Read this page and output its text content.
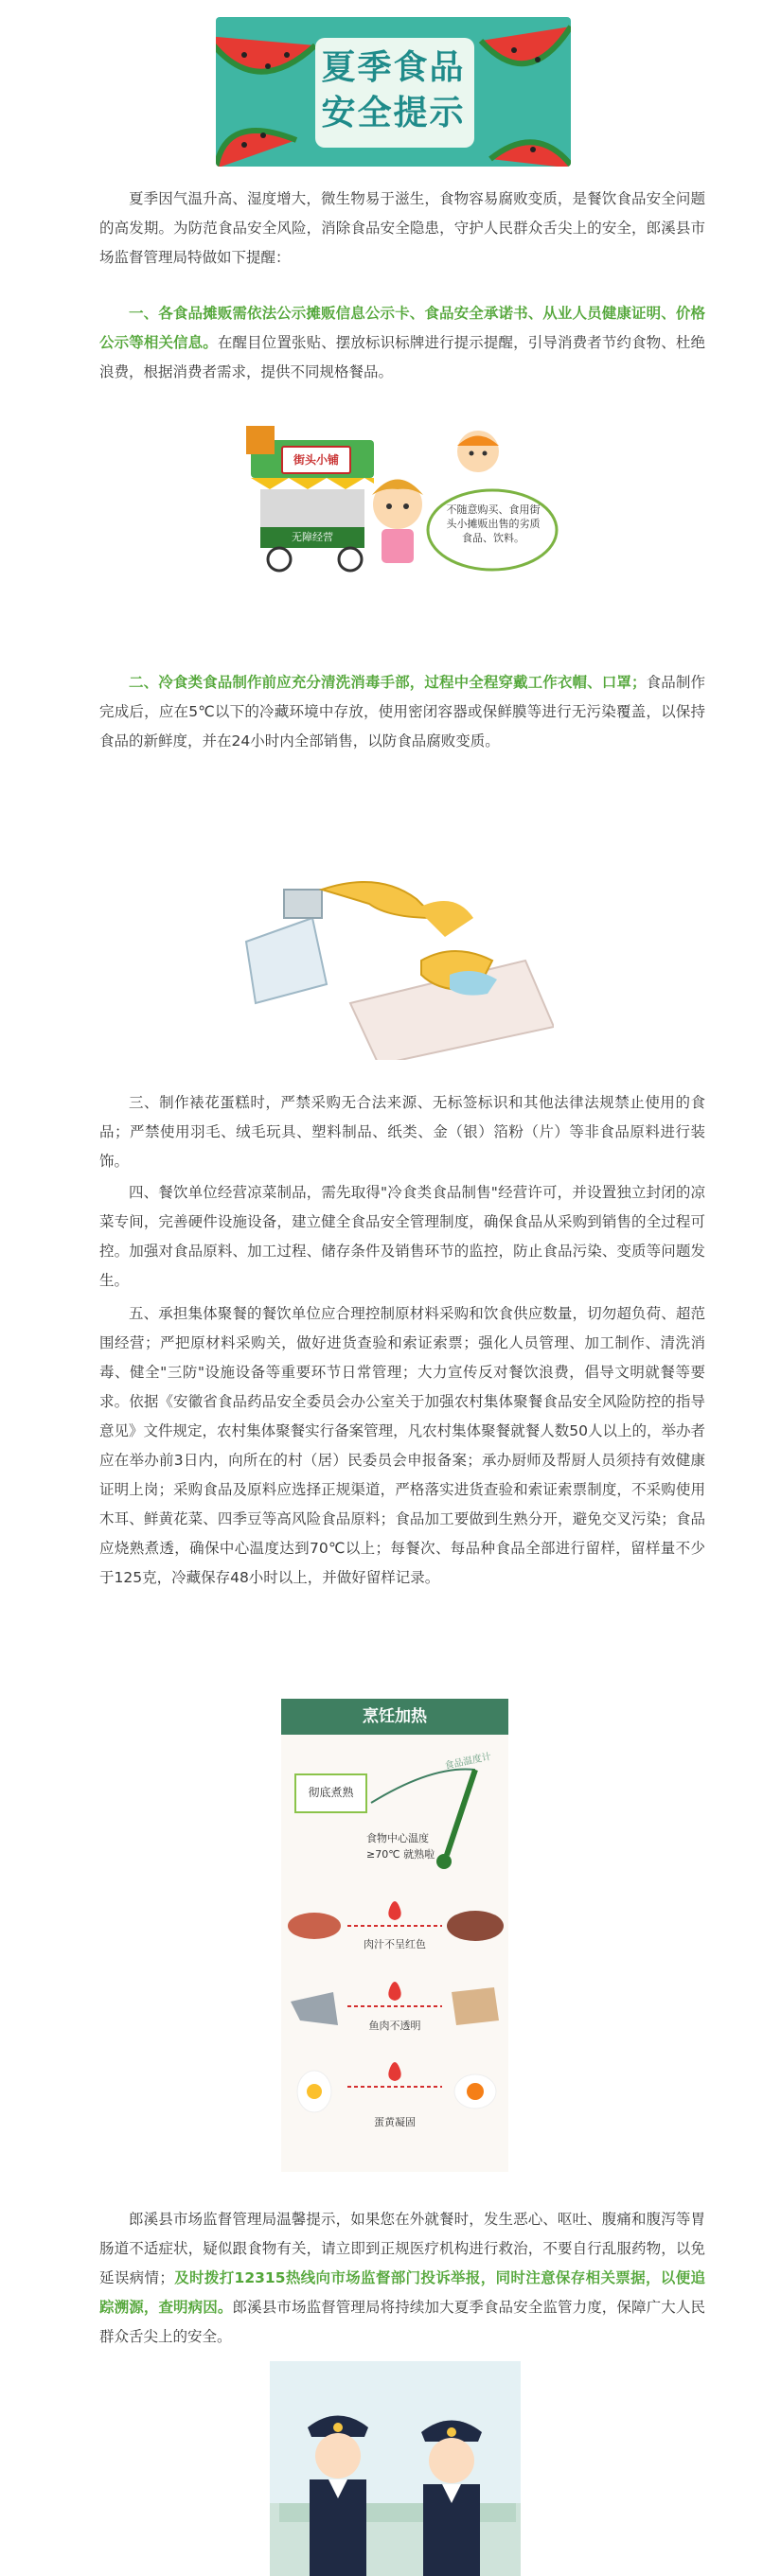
夏季食品
安全提示

夏季因气温升高、湿度增大，微生物易于滋生，食物容易腐败变质，是餐饮食品安全问题的高发期。为防范食品安全风险，消除食品安全隐患，守护人民群众舌尖上的安全，郎溪县市场监督管理局特做如下提醒：

一、各食品摊贩需依法公示摊贩信息公示卡、食品安全承诺书、从业人员健康证明、价格公示等相关信息。在醒目位置张贴、摆放标识标牌进行提示提醒，引导消费者节约食物、杜绝浪费，根据消费者需求，提供不同规格餐品。

街头小铺
无障经营
不随意购买、食用街头小摊贩出售的劣质食品、饮料。

二、冷食类食品制作前应充分清洗消毒手部，过程中全程穿戴工作衣帽、口罩；食品制作完成后，应在5℃以下的冷藏环境中存放，使用密闭容器或保鲜膜等进行无污染覆盖，以保持食品的新鲜度，并在24小时内全部销售，以防食品腐败变质。

三、制作裱花蛋糕时，严禁采购无合法来源、无标签标识和其他法律法规禁止使用的食品；严禁使用羽毛、绒毛玩具、塑料制品、纸类、金（银）箔粉（片）等非食品原料进行装饰。

四、餐饮单位经营凉菜制品，需先取得"冷食类食品制售"经营许可，并设置独立封闭的凉菜专间，完善硬件设施设备，建立健全食品安全管理制度，确保食品从采购到销售的全过程可控。加强对食品原料、加工过程、储存条件及销售环节的监控，防止食品污染、变质等问题发生。

五、承担集体聚餐的餐饮单位应合理控制原材料采购和饮食供应数量，切勿超负荷、超范围经营；严把原材料采购关，做好进货查验和索证索票；强化人员管理、加工制作、清洗消毒、健全"三防"设施设备等重要环节日常管理；大力宣传反对餐饮浪费，倡导文明就餐等要求。依据《安徽省食品药品安全委员会办公室关于加强农村集体聚餐食品安全风险防控的指导意见》文件规定，农村集体聚餐实行备案管理，凡农村集体聚餐就餐人数50人以上的，举办者应在举办前3日内，向所在的村（居）民委员会申报备案；承办厨师及帮厨人员须持有效健康证明上岗；采购食品及原料应选择正规渠道，严格落实进货查验和索证索票制度，不采购使用木耳、鲜黄花菜、四季豆等高风险食品原料；食品加工要做到生熟分开，避免交叉污染；食品应烧熟煮透，确保中心温度达到70℃以上；每餐次、每品种食品全部进行留样，留样量不少于125克，冷藏保存48小时以上，并做好留样记录。

烹饪加热
彻底煮熟
食品温度计
食物中心温度
≥70℃ 就熟啦
肉汁不呈红色
鱼肉不透明
蛋黄凝固

郎溪县市场监督管理局温馨提示，如果您在外就餐时，发生恶心、呕吐、腹痛和腹泻等胃肠道不适症状，疑似跟食物有关，请立即到正规医疗机构进行救治，不要自行乱服药物，以免延误病情；及时拨打12315热线向市场监督部门投诉举报，同时注意保存相关票据，以便追踪溯源，查明病因。郎溪县市场监督管理局将持续加大夏季食品安全监管力度，保障广大人民群众舌尖上的安全。
